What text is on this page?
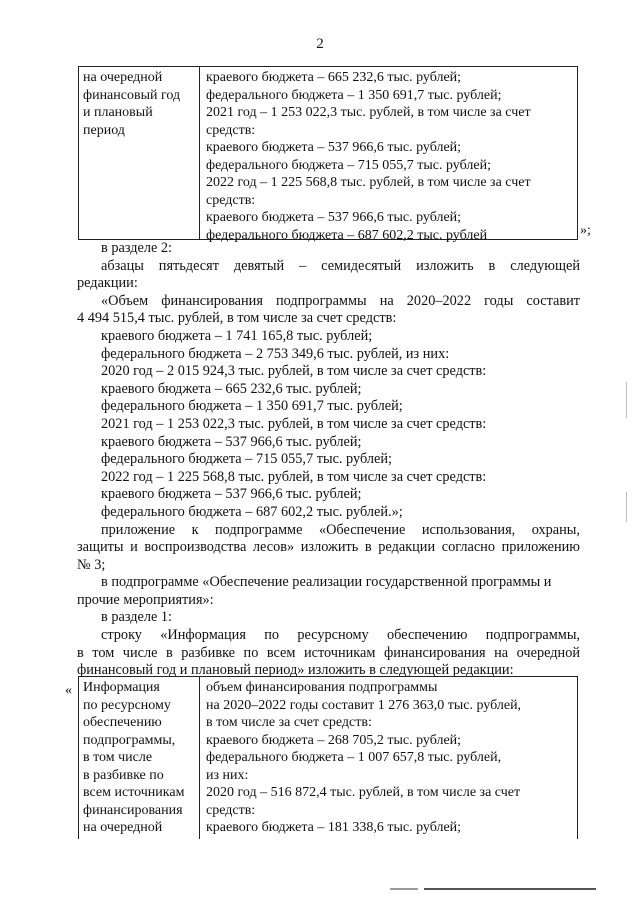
2
на очередной
финансовый год
и плановый
период
краевого бюджета – 665 232,6 тыс. рублей;
федерального бюджета – 1 350 691,7 тыс. рублей;
2021 год – 1 253 022,3 тыс. рублей, в том числе за счет
средств:
краевого бюджета – 537 966,6 тыс. рублей;
федерального бюджета – 715 055,7 тыс. рублей;
2022 год – 1 225 568,8 тыс. рублей, в том числе за счет
средств:
краевого бюджета – 537 966,6 тыс. рублей;
федерального бюджета – 687 602,2 тыс. рублей	»;
в разделе 2:
абзацы пятьдесят девятый – семидесятый изложить в следующей
редакции:
«Объем финансирования подпрограммы на 2020–2022 годы составит
4 494 515,4 тыс. рублей, в том числе за счет средств:
краевого бюджета – 1 741 165,8 тыс. рублей;
федерального бюджета – 2 753 349,6 тыс. рублей, из них:
2020 год – 2 015 924,3 тыс. рублей, в том числе за счет средств:
краевого бюджета – 665 232,6 тыс. рублей;
федерального бюджета – 1 350 691,7 тыс. рублей;
2021 год – 1 253 022,3 тыс. рублей, в том числе за счет средств:
краевого бюджета – 537 966,6 тыс. рублей;
федерального бюджета – 715 055,7 тыс. рублей;
2022 год – 1 225 568,8 тыс. рублей, в том числе за счет средств:
краевого бюджета – 537 966,6 тыс. рублей;
федерального бюджета – 687 602,2 тыс. рублей.»;
приложение к подпрограмме «Обеспечение использования, охраны,
защиты и воспроизводства лесов» изложить в редакции согласно приложению
№ 3;
в подпрограмме «Обеспечение реализации государственной программы и
прочие мероприятия»:
в разделе 1:
строку «Информация по ресурсному обеспечению подпрограммы,
в том числе в разбивке по всем источникам финансирования на очередной
финансовый год и плановый период» изложить в следующей редакции:
« Информация
по ресурсному
обеспечению
подпрограммы,
в том числе
в разбивке по
всем источникам
финансирования
на очередной
объем финансирования подпрограммы
на 2020–2022 годы составит 1 276 363,0 тыс. рублей,
в том числе за счет средств:
краевого бюджета – 268 705,2 тыс. рублей;
федерального бюджета – 1 007 657,8 тыс. рублей,
из них:
2020 год – 516 872,4 тыс. рублей, в том числе за счет
средств:
краевого бюджета – 181 338,6 тыс. рублей;
